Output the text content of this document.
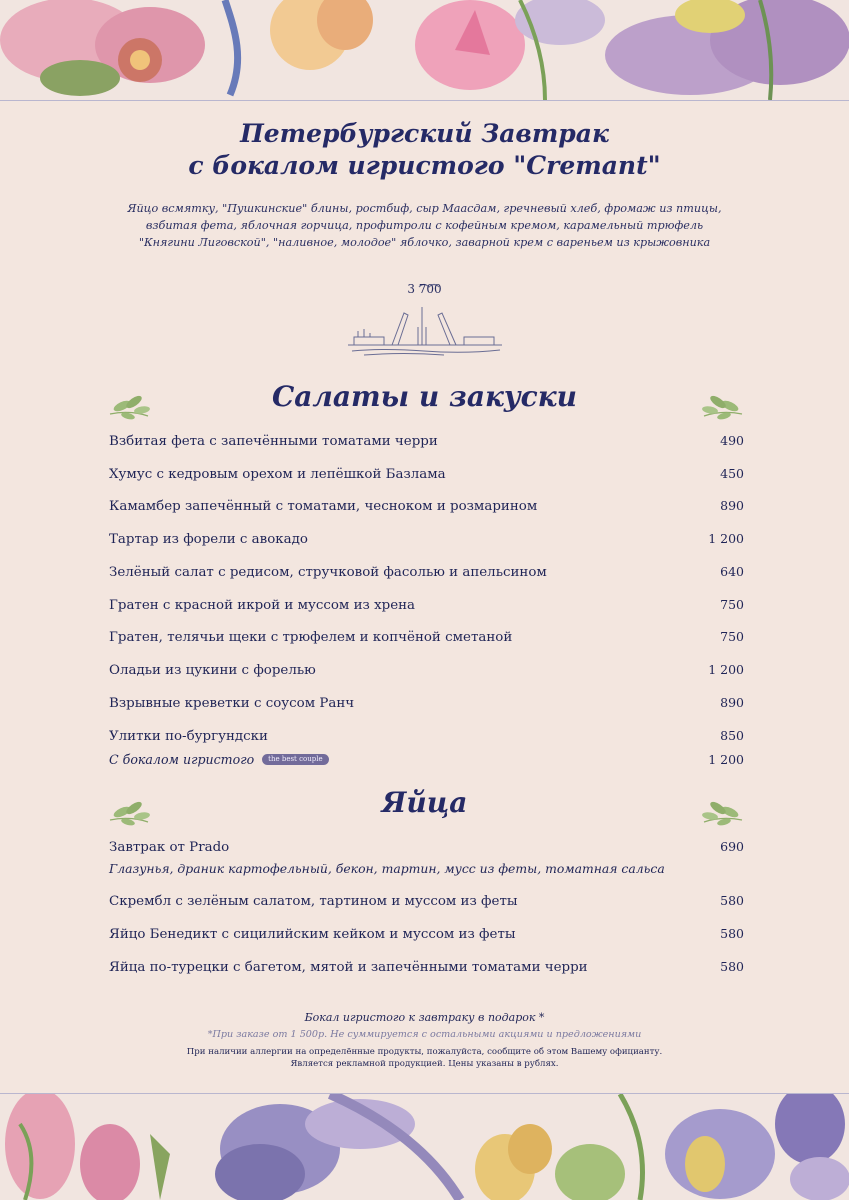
Петербургский Завтрак
с бокалом игристого "Cremant"

Яйцо всмятку, "Пушкинские" блины, ростбиф, сыр Маасдам, гречневый хлеб, фромаж из птицы, взбитая фета, яблочная горчица, профитроли с кофейным кремом, карамельный трюфель "Княгини Лиговской", "наливное, молодое" яблочко, заварной крем с вареньем из крыжовника

3 700
Салаты и закуски
Взбитая фета с запечёнными томатами черри	490
Хумус с кедровым орехом и лепёшкой Базлама	450
Камамбер запечённый с томатами, чесноком и розмарином	890
Тартар из форели с авокадо	1 200
Зелёный салат с редисом, стручковой фасолью и апельсином	640
Гратен с красной икрой и муссом из хрена	750
Гратен, телячьи щеки с трюфелем и копчёной сметаной	750
Оладьи из цукини с форелью	1 200
Взрывные креветки с соусом Ранч	890
Улитки по-бургундски	850
С бокалом игристого the best couple	1 200
Яйца
Завтрак от Prado	690

Глазунья, драник картофельный, бекон, тартин, мусс из феты, томатная сальса

Скрембл с зелёным салатом, тартином и муссом из феты	580
Яйцо Бенедикт с сицилийским кейком и муссом из феты	580
Яйца по-турецки с багетом, мятой и запечёнными томатами черри	580
Бокал игристого к завтраку в подарок *
*При заказе от 1 500р. Не суммируется с остальными акциями и предложениями

При наличии аллергии на определённые продукты, пожалуйста, сообщите об этом Вашему официанту.

Является рекламной продукцией. Цены указаны в рублях.
